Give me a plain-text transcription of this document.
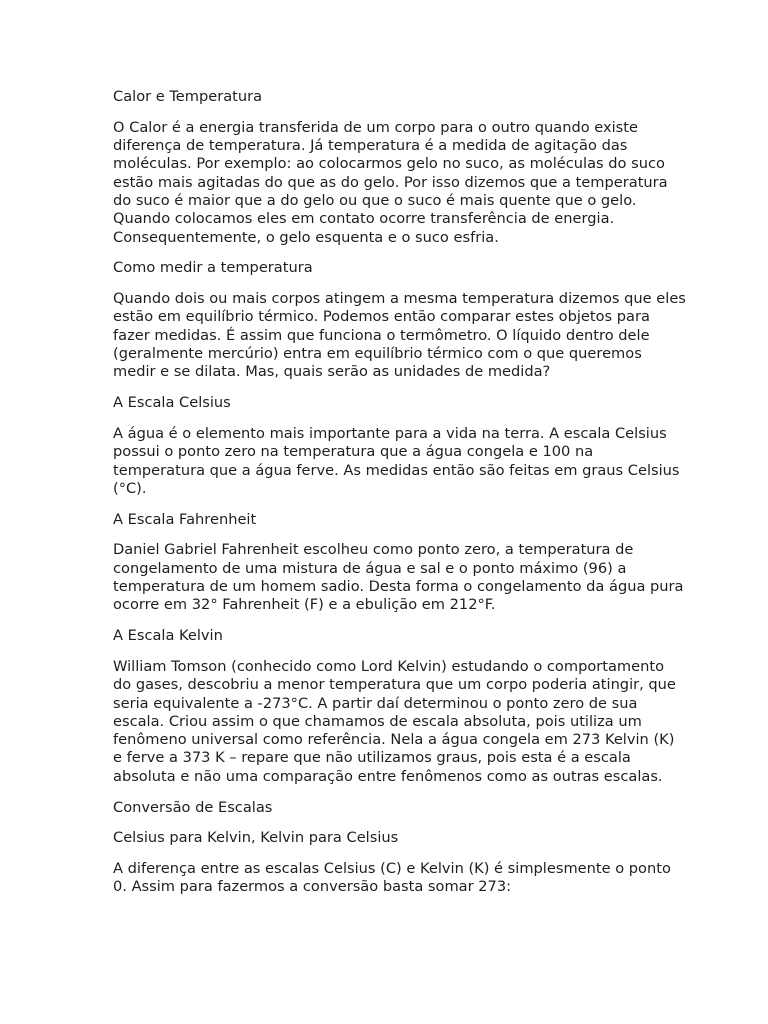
Calor e Temperatura

O Calor é a energia transferida de um corpo para o outro quando existe
diferença de temperatura. Já temperatura é a medida de agitação das
moléculas. Por exemplo: ao colocarmos gelo no suco, as moléculas do suco
estão mais agitadas do que as do gelo. Por isso dizemos que a temperatura
do suco é maior que a do gelo ou que o suco é mais quente que o gelo.
Quando colocamos eles em contato ocorre transferência de energia.
Consequentemente, o gelo esquenta e o suco esfria.

Como medir a temperatura

Quando dois ou mais corpos atingem a mesma temperatura dizemos que eles
estão em equilíbrio térmico. Podemos então comparar estes objetos para
fazer medidas. É assim que funciona o termômetro. O líquido dentro dele
(geralmente mercúrio) entra em equilíbrio térmico com o que queremos
medir e se dilata. Mas, quais serão as unidades de medida?

A Escala Celsius

A água é o elemento mais importante para a vida na terra. A escala Celsius
possui o ponto zero na temperatura que a água congela e 100 na
temperatura que a água ferve. As medidas então são feitas em graus Celsius
(°C).

A Escala Fahrenheit

Daniel Gabriel Fahrenheit escolheu como ponto zero, a temperatura de
congelamento de uma mistura de água e sal e o ponto máximo (96) a
temperatura de um homem sadio. Desta forma o congelamento da água pura
ocorre em 32° Fahrenheit (F) e a ebulição em 212°F.

A Escala Kelvin

William Tomson (conhecido como Lord Kelvin) estudando o comportamento
do gases, descobriu a menor temperatura que um corpo poderia atingir, que
seria equivalente a -273°C. A partir daí determinou o ponto zero de sua
escala. Criou assim o que chamamos de escala absoluta, pois utiliza um
fenômeno universal como referência. Nela a água congela em 273 Kelvin (K)
e ferve a 373 K – repare que não utilizamos graus, pois esta é a escala
absoluta e não uma comparação entre fenômenos como as outras escalas.

Conversão de Escalas
Celsius para Kelvin, Kelvin para Celsius

A diferença entre as escalas Celsius (C) e Kelvin (K) é simplesmente o ponto
0. Assim para fazermos a conversão basta somar 273:
